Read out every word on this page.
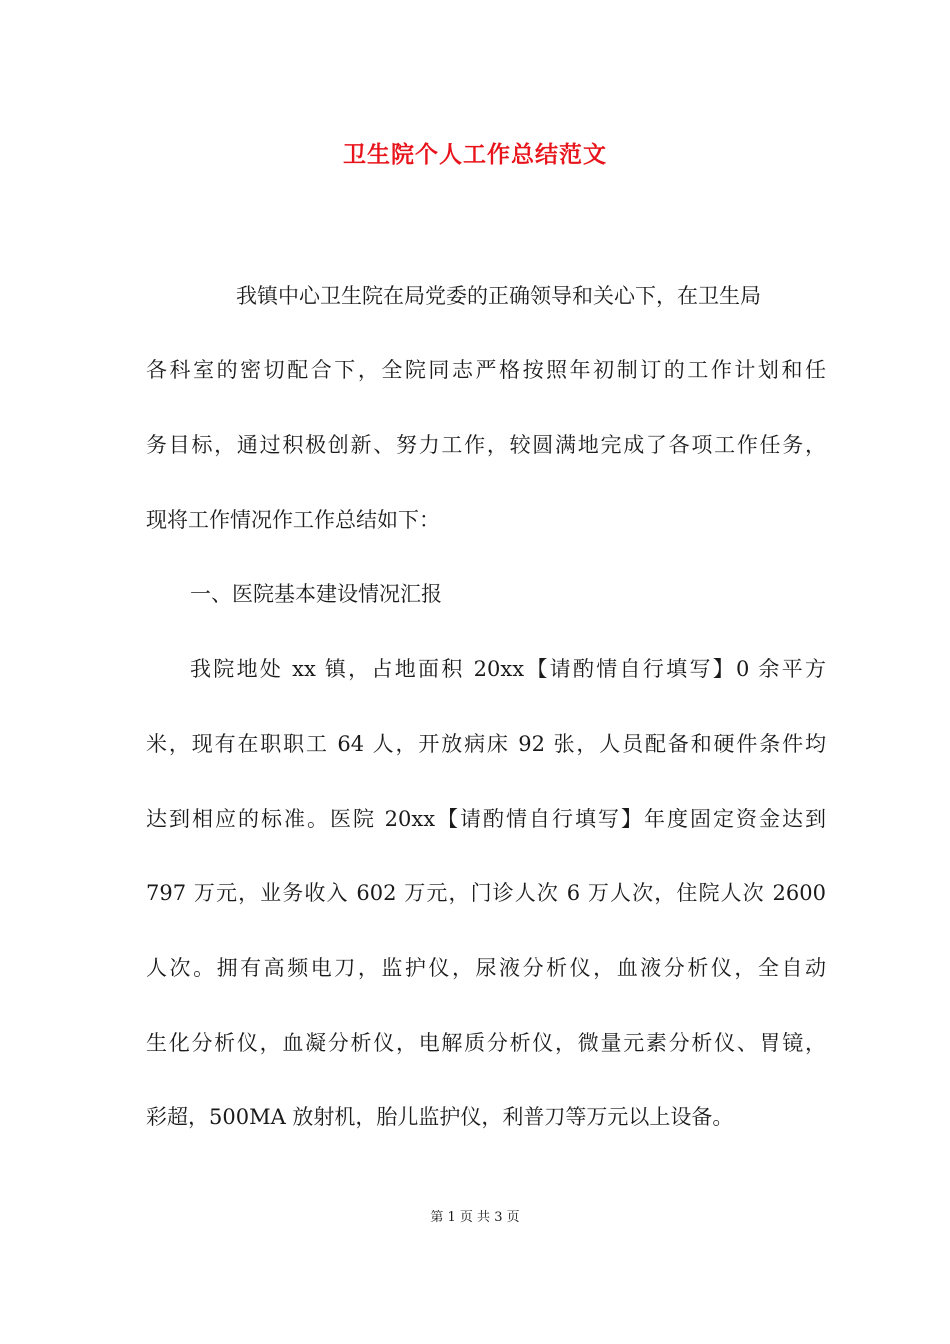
卫生院个人工作总结范文
我镇中心卫生院在局党委的正确领导和关心下，在卫生局
各科室的密切配合下，全院同志严格按照年初制订的工作计划和任
务目标，通过积极创新、努力工作，较圆满地完成了各项工作任务，
现将工作情况作工作总结如下：
一、医院基本建设情况汇报
我院地处 xx 镇，占地面积 20xx【请酌情自行填写】0 余平方
米，现有在职职工 64 人，开放病床 92 张，人员配备和硬件条件均
达到相应的标准。医院 20xx【请酌情自行填写】年度固定资金达到
797 万元，业务收入 602 万元，门诊人次 6 万人次，住院人次 2600
人次。拥有高频电刀，监护仪，尿液分析仪，血液分析仪，全自动
生化分析仪，血凝分析仪，电解质分析仪，微量元素分析仪、胃镜，
彩超，500MA 放射机，胎儿监护仪，利普刀等万元以上设备。
第 1 页 共 3 页
